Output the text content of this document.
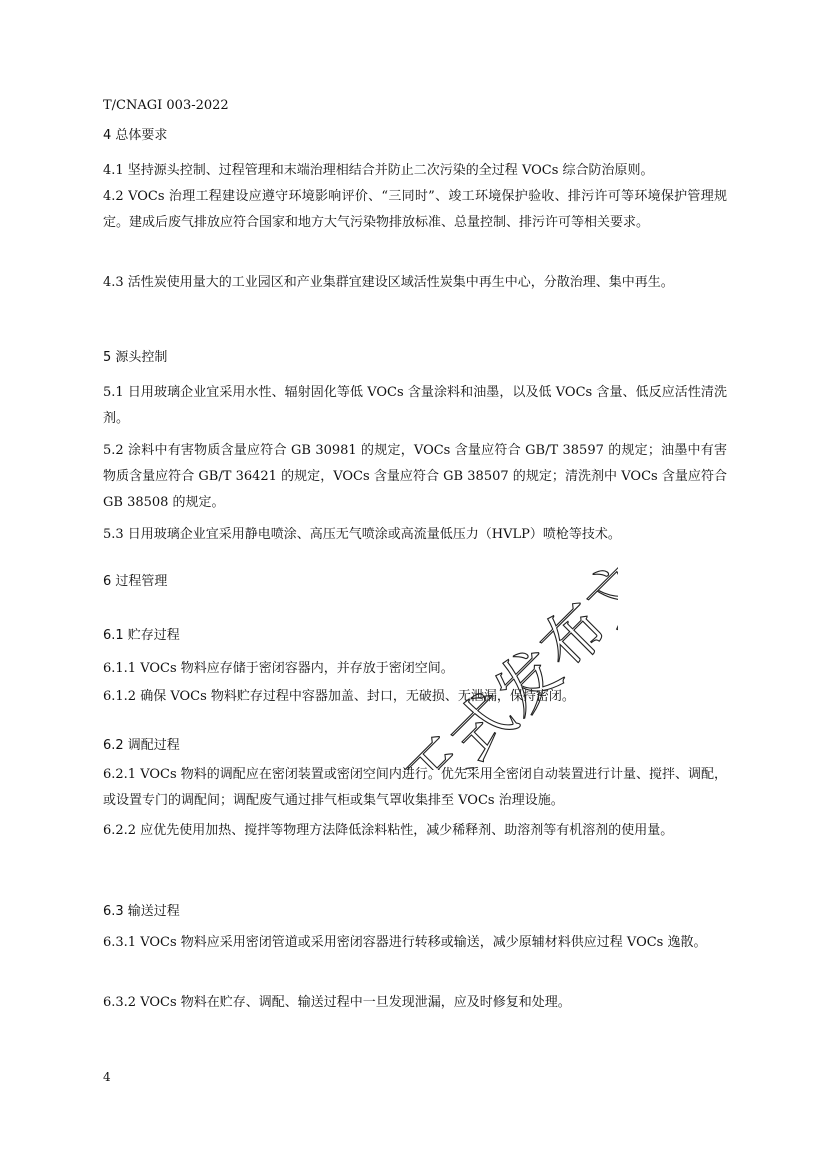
T/CNAGI 003-2022
4 总体要求

4.1 坚持源头控制、过程管理和末端治理相结合并防止二次污染的全过程 VOCs 综合防治原则。

4.2 VOCs 治理工程建设应遵守环境影响评价、“三同时”、竣工环境保护验收、排污许可等环境保护管理规定。建成后废气排放应符合国家和地方大气污染物排放标准、总量控制、排污许可等相关要求。

4.3 活性炭使用量大的工业园区和产业集群宜建设区域活性炭集中再生中心，分散治理、集中再生。

5 源头控制

5.1 日用玻璃企业宜采用水性、辐射固化等低 VOCs 含量涂料和油墨，以及低 VOCs 含量、低反应活性清洗剂。

5.2 涂料中有害物质含量应符合 GB 30981 的规定，VOCs 含量应符合 GB/T 38597 的规定；油墨中有害物质含量应符合 GB/T 36421 的规定，VOCs 含量应符合 GB 38507 的规定；清洗剂中 VOCs 含量应符合 GB 38508 的规定。

5.3 日用玻璃企业宜采用静电喷涂、高压无气喷涂或高流量低压力（HVLP）喷枪等技术。

6 过程管理
6.1 贮存过程

6.1.1 VOCs 物料应存储于密闭容器内，并存放于密闭空间。

6.1.2 确保 VOCs 物料贮存过程中容器加盖、封口，无破损、无泄漏，保持密闭。

6.2 调配过程

6.2.1 VOCs 物料的调配应在密闭装置或密闭空间内进行。优先采用全密闭自动装置进行计量、搅拌、调配，或设置专门的调配间；调配废气通过排气柜或集气罩收集排至 VOCs 治理设施。

6.2.2 应优先使用加热、搅拌等物理方法降低涂料粘性，减少稀释剂、助溶剂等有机溶剂的使用量。

6.3 输送过程

6.3.1 VOCs 物料应采用密闭管道或采用密闭容器进行转移或输送，减少原辅材料供应过程 VOCs 逸散。

6.3.2 VOCs 物料在贮存、调配、输送过程中一旦发现泄漏，应及时修复和处理。

4
正式发布文本
